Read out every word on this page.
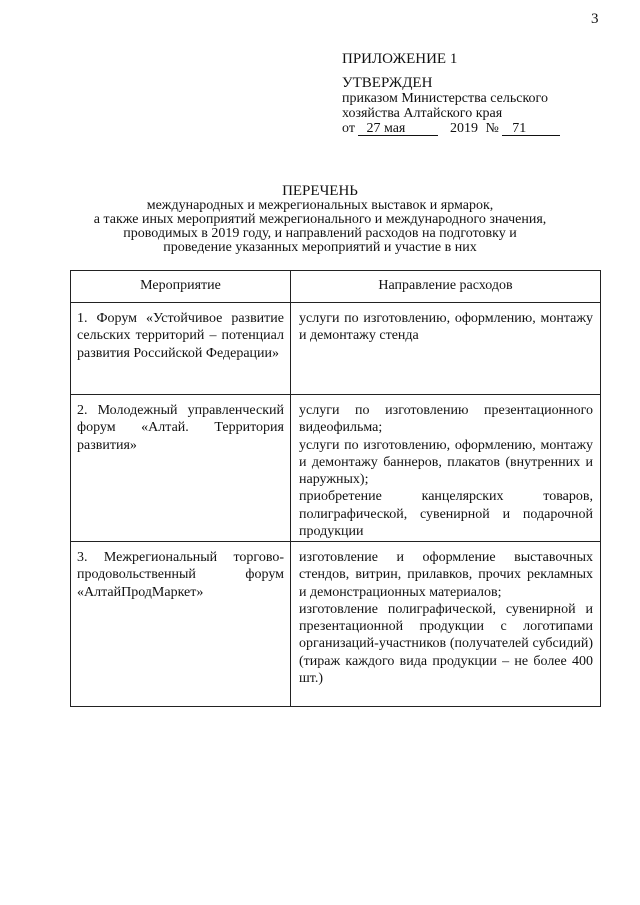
3
ПРИЛОЖЕНИЕ 1
УТВЕРЖДЕН
приказом Министерства сельского
хозяйства Алтайского края
от 27 мая	2019 № 71
ПЕРЕЧЕНЬ
международных и межрегиональных выставок и ярмарок,
а также иных мероприятий межрегионального и международного значения,
проводимых в 2019 году, и направлений расходов на подготовку и
проведение указанных мероприятий и участие в них
Мероприятие	Направление расходов
1. Форум «Устойчивое развитие сельских территорий – потенциал развития Российской Федерации»	услуги по изготовлению, оформлению, монтажу и демонтажу стенда

2. Молодежный управленческий форум «Алтай. Территория развития»	услуги по изготовлению презентационного видеофильма;
услуги по изготовлению, оформлению, монтажу и демонтажу баннеров, плакатов (внутренних и наружных);
приобретение канцелярских товаров, полиграфической, сувенирной и подарочной продукции

3. Межрегиональный торгово-продовольственный форум «АлтайПродМаркет»	изготовление и оформление выставочных стендов, витрин, прилавков, прочих рекламных и демонстрационных материалов;
изготовление полиграфической, сувенирной и презентационной продукции с логотипами организаций-участников (получателей субсидий) (тираж каждого вида продукции – не более 400 шт.)
